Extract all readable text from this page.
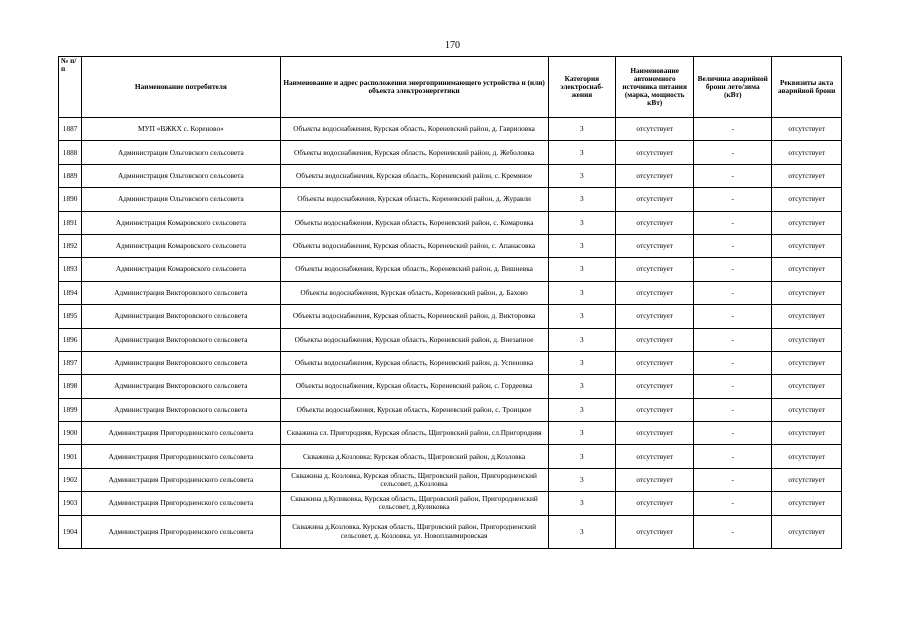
170
№ п/п	Наименование потребителя	Наименование и адрес расположения энергопринимающего устройства и (или) объекта электроэнергетики	Категория электроснаб-жения	Наименование автономного источника питания (марка, мощность кВт)	Величина аварийной брони лето/зима (кВт)	Реквизиты акта аварийной брони
1887	МУП «ВЖКХ с. Кореново»	Объекты водоснабжения, Курская область, Кореневский район, д. Гавриловка	3	отсутствует	-	отсутствует
1888	Администрация Ольговского сельсовета	Объекты водоснабжения, Курская область, Кореневский район, д. Жеболовка	3	отсутствует	-	отсутствует
1889	Администрация Ольговского сельсовета	Объекты водоснабжения, Курская область, Кореневский район, с. Кремяное	3	отсутствует	-	отсутствует
1890	Администрация Ольговского сельсовета	Объекты водоснабжения, Курская область, Кореневский район, д. Журавли	3	отсутствует	-	отсутствует
1891	Администрация Комаровского сельсовета	Объекты водоснабжения, Курская область, Кореневский район, с. Комаровка	3	отсутствует	-	отсутствует
1892	Администрация Комаровского сельсовета	Объекты водоснабжения, Курская область, Кореневский район, с. Апанасовка	3	отсутствует	-	отсутствует
1893	Администрация Комаровского сельсовета	Объекты водоснабжения, Курская область, Кореневский район, д. Вишневка	3	отсутствует	-	отсутствует
1894	Администрация Викторовского сельсовета	Объекты водоснабжения, Курская область, Кореневский район, д. Бахово	3	отсутствует	-	отсутствует
1895	Администрация Викторовского сельсовета	Объекты водоснабжения, Курская область, Кореневский район, д. Викторовка	3	отсутствует	-	отсутствует
1896	Администрация Викторовского сельсовета	Объекты водоснабжения, Курская область, Кореневский район, д. Внезапное	3	отсутствует	-	отсутствует
1897	Администрация Викторовского сельсовета	Объекты водоснабжения, Курская область, Кореневский район, д. Успеновка	3	отсутствует	-	отсутствует
1898	Администрация Викторовского сельсовета	Объекты водоснабжения, Курская область, Кореневский район, с. Гордеевка	3	отсутствует	-	отсутствует
1899	Администрация Викторовского сельсовета	Объекты водоснабжения, Курская область, Кореневский район, с. Троицкое	3	отсутствует	-	отсутствует
1900	Администрация Пригородненского сельсовета	Скважина сл. Пригородняя, Курская область, Щигровский район, сл.Пригородняя	3	отсутствует	-	отсутствует
1901	Администрация Пригородненского сельсовета	Скважина д.Козловка; Курская область, Щигровский район, д.Козловка	3	отсутствует	-	отсутствует
1902	Администрация Пригородненского сельсовета	Скважина д. Козловка, Курская область, Щигровский район, Пригородненский сельсовет, д.Козловка	3	отсутствует	-	отсутствует
1903	Администрация Пригородненского сельсовета	Скважина д.Куликовка, Курская область, Щигровский район, Пригородненский сельсовет, д.Куликовка	3	отсутствует	-	отсутствует
1904	Администрация Пригородненского сельсовета	Скважина д.Козловка, Курская область, Щигровский район, Пригородненский сельсовет, д. Козловка, ул. Новоплаимировская	3	отсутствует	-	отсутствует
